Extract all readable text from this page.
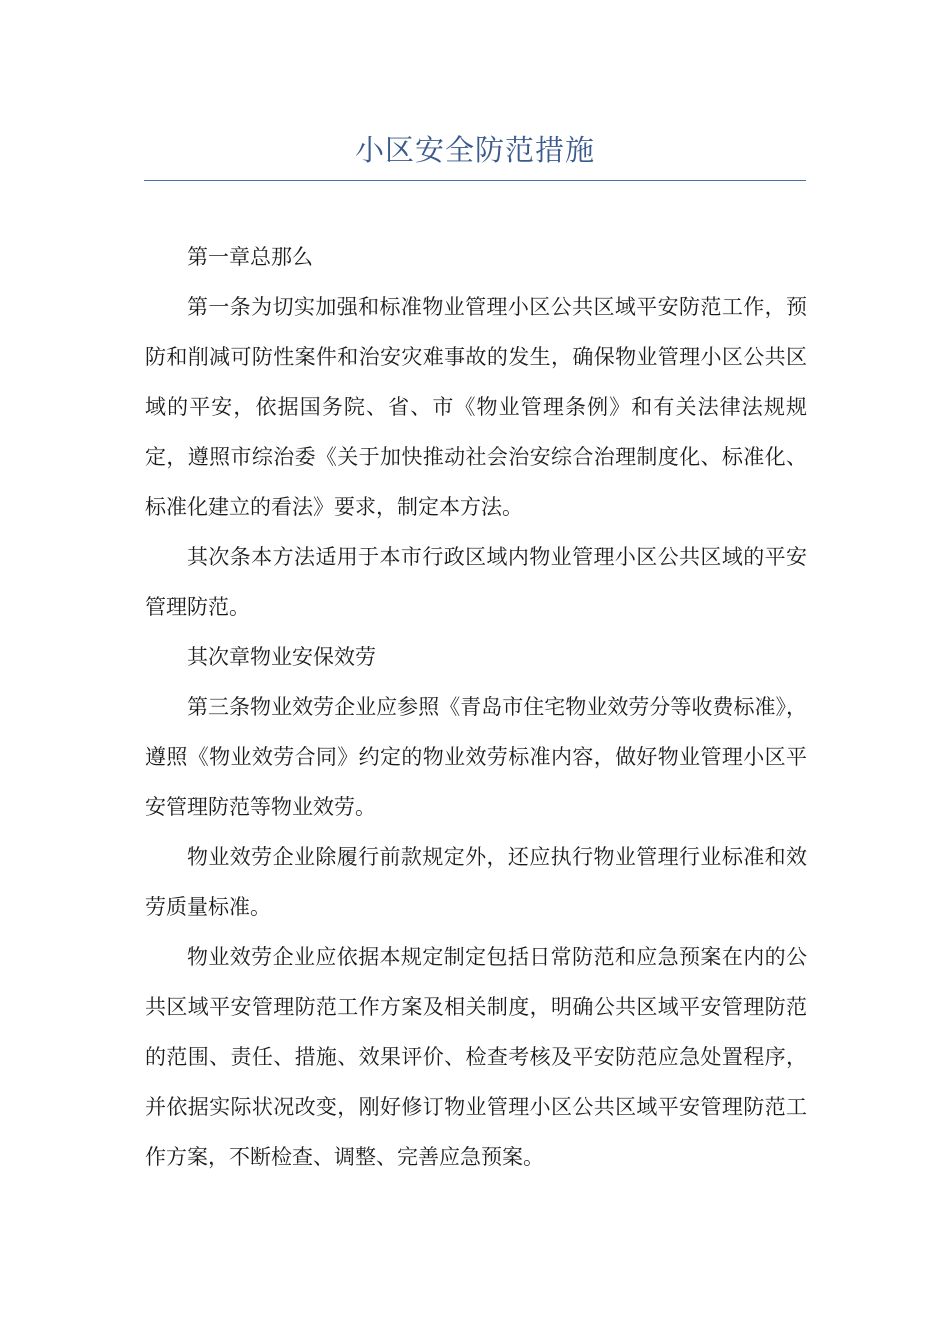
小区安全防范措施

第一章总那么

第一条为切实加强和标准物业管理小区公共区域平安防范工作，预防和削减可防性案件和治安灾难事故的发生，确保物业管理小区公共区域的平安，依据国务院、省、市《物业管理条例》和有关法律法规规定，遵照市综治委《关于加快推动社会治安综合治理制度化、标准化、标准化建立的看法》要求，制定本方法。

其次条本方法适用于本市行政区域内物业管理小区公共区域的平安管理防范。

其次章物业安保效劳

第三条物业效劳企业应参照《青岛市住宅物业效劳分等收费标准》，遵照《物业效劳合同》约定的物业效劳标准内容，做好物业管理小区平安管理防范等物业效劳。

物业效劳企业除履行前款规定外，还应执行物业管理行业标准和效劳质量标准。

物业效劳企业应依据本规定制定包括日常防范和应急预案在内的公共区域平安管理防范工作方案及相关制度，明确公共区域平安管理防范的范围、责任、措施、效果评价、检查考核及平安防范应急处置程序，并依据实际状况改变，刚好修订物业管理小区公共区域平安管理防范工作方案，不断检查、调整、完善应急预案。
